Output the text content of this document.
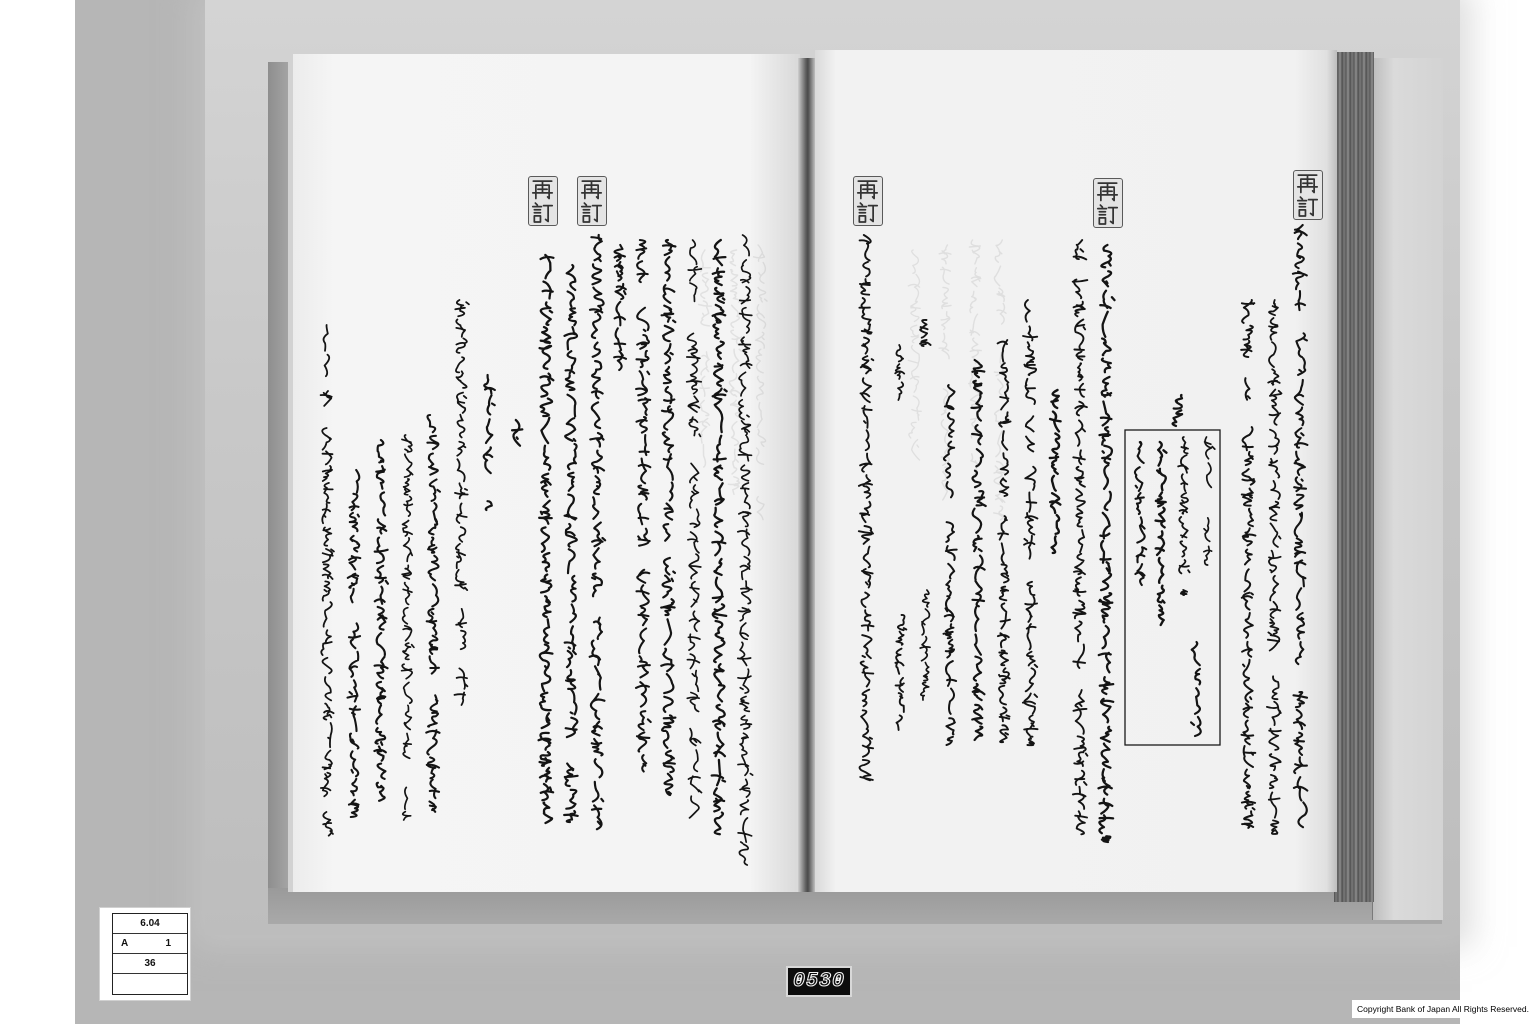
6.04
A	1
36
0530
Copyright Bank of Japan All Rights Reserved.
